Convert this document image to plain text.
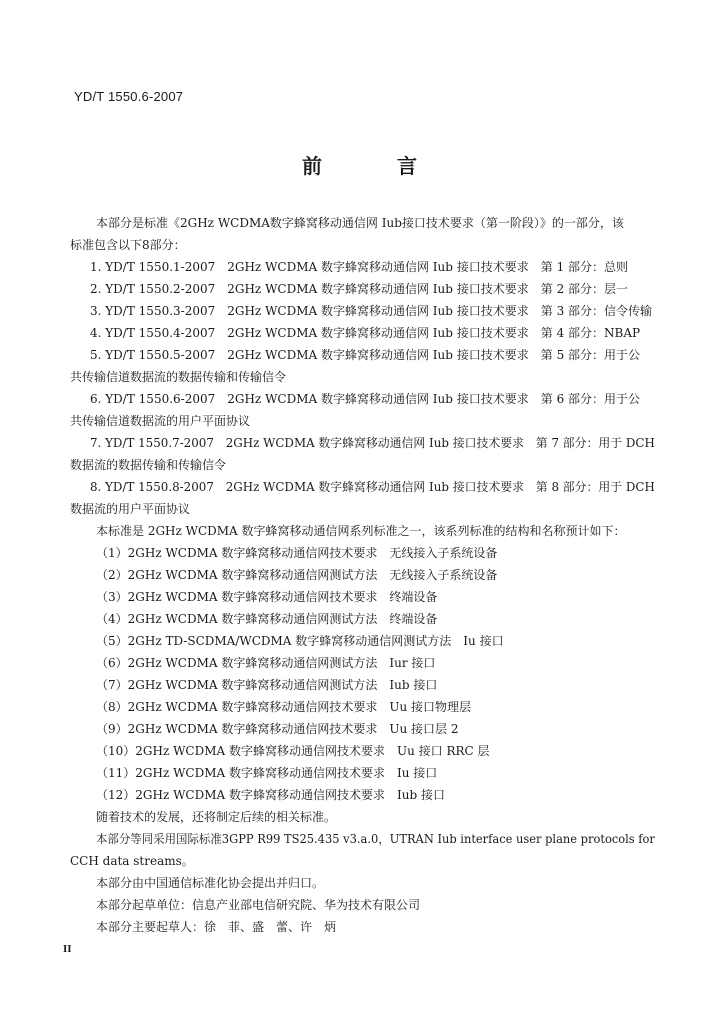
YD/T 1550.6-2007
前 言
本部分是标准《2GHz WCDMA数字蜂窝移动通信网 Iub接口技术要求（第一阶段）》的一部分，该
标准包含以下8部分：
1. YD/T 1550.1-2007　2GHz WCDMA 数字蜂窝移动通信网 Iub 接口技术要求　第 1 部分：总则
2. YD/T 1550.2-2007　2GHz WCDMA 数字蜂窝移动通信网 Iub 接口技术要求　第 2 部分：层一
3. YD/T 1550.3-2007　2GHz WCDMA 数字蜂窝移动通信网 Iub 接口技术要求　第 3 部分：信令传输
4. YD/T 1550.4-2007　2GHz WCDMA 数字蜂窝移动通信网 Iub 接口技术要求　第 4 部分：NBAP
5. YD/T 1550.5-2007　2GHz WCDMA 数字蜂窝移动通信网 Iub 接口技术要求　第 5 部分：用于公
共传输信道数据流的数据传输和传输信令
6. YD/T 1550.6-2007　2GHz WCDMA 数字蜂窝移动通信网 Iub 接口技术要求　第 6 部分：用于公
共传输信道数据流的用户平面协议
7. YD/T 1550.7-2007　2GHz WCDMA 数字蜂窝移动通信网 Iub 接口技术要求　第 7 部分：用于 DCH
数据流的数据传输和传输信令
8. YD/T 1550.8-2007　2GHz WCDMA 数字蜂窝移动通信网 Iub 接口技术要求　第 8 部分：用于 DCH
数据流的用户平面协议
本标准是 2GHz WCDMA 数字蜂窝移动通信网系列标准之一，该系列标准的结构和名称预计如下：
（1）2GHz WCDMA 数字蜂窝移动通信网技术要求　无线接入子系统设备
（2）2GHz WCDMA 数字蜂窝移动通信网测试方法　无线接入子系统设备
（3）2GHz WCDMA 数字蜂窝移动通信网技术要求　终端设备
（4）2GHz WCDMA 数字蜂窝移动通信网测试方法　终端设备
（5）2GHz TD-SCDMA/WCDMA 数字蜂窝移动通信网测试方法　Iu 接口
（6）2GHz WCDMA 数字蜂窝移动通信网测试方法　Iur 接口
（7）2GHz WCDMA 数字蜂窝移动通信网测试方法　Iub 接口
（8）2GHz WCDMA 数字蜂窝移动通信网技术要求　Uu 接口物理层
（9）2GHz WCDMA 数字蜂窝移动通信网技术要求　Uu 接口层 2
（10）2GHz WCDMA 数字蜂窝移动通信网技术要求　Uu 接口 RRC 层
（11）2GHz WCDMA 数字蜂窝移动通信网技术要求　Iu 接口
（12）2GHz WCDMA 数字蜂窝移动通信网技术要求　Iub 接口
随着技术的发展，还将制定后续的相关标准。
本部分等同采用国际标准3GPP R99 TS25.435 v3.a.0，UTRAN Iub interface user plane protocols for
CCH data streams。
本部分由中国通信标准化协会提出并归口。
本部分起草单位：信息产业部电信研究院、华为技术有限公司
本部分主要起草人：徐　菲、盛　蕾、许　炳
II
